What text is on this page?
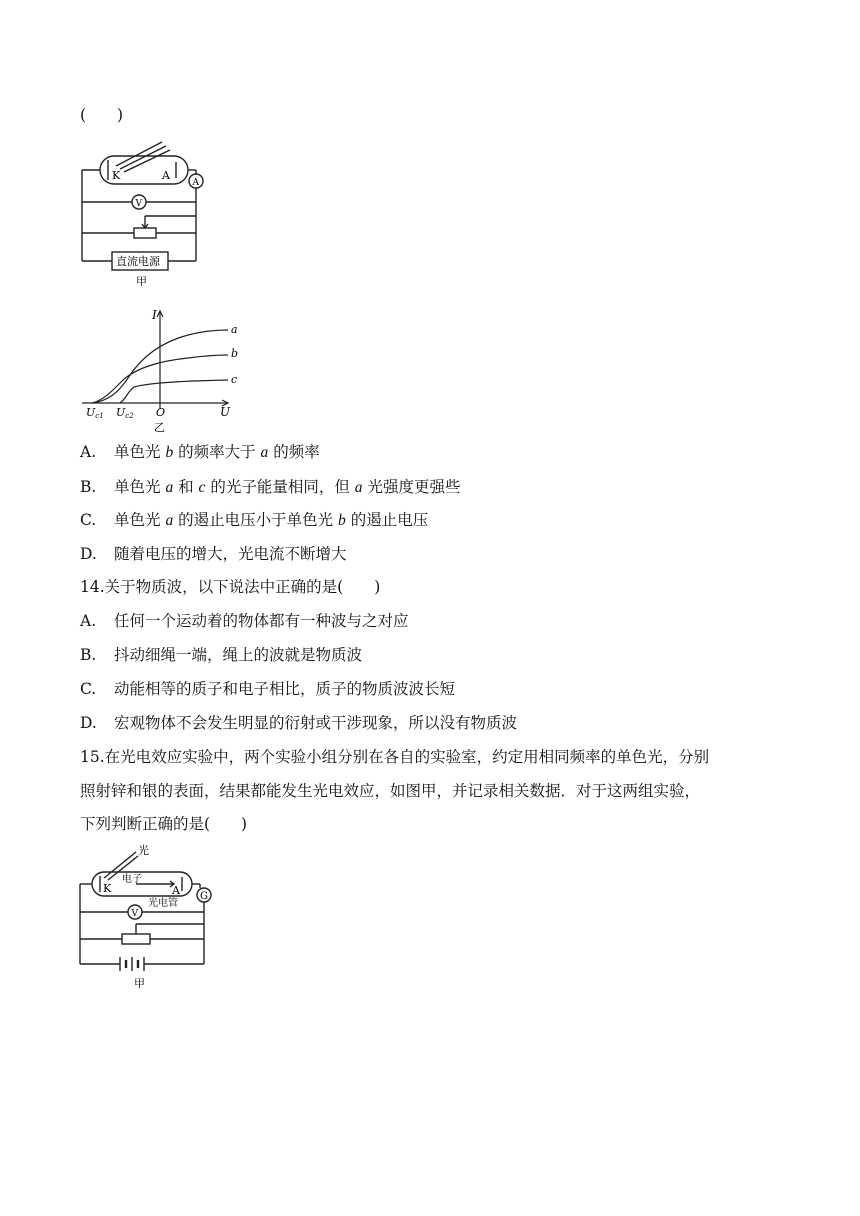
(　　)
K	A
A
V
直流电源
甲
I
U
O
Uc1 Uc2
a
b
c
乙
A. 单色光 b 的频率大于 a 的频率
B. 单色光 a 和 c 的光子能量相同，但 a 光强度更强些
C. 单色光 a 的遏止电压小于单色光 b 的遏止电压
D. 随着电压的增大，光电流不断增大
14.关于物质波，以下说法中正确的是(　　)
A. 任何一个运动着的物体都有一种波与之对应
B. 抖动细绳一端，绳上的波就是物质波
C. 动能相等的质子和电子相比，质子的物质波波长短
D. 宏观物体不会发生明显的衍射或干涉现象，所以没有物质波
15.在光电效应实验中，两个实验小组分别在各自的实验室，约定用相同频率的单色光，分别
照射锌和银的表面，结果都能发生光电效应，如图甲，并记录相关数据．对于这两组实验，
下列判断正确的是(　　)
光
K
电子
A G
V
光电管
甲
